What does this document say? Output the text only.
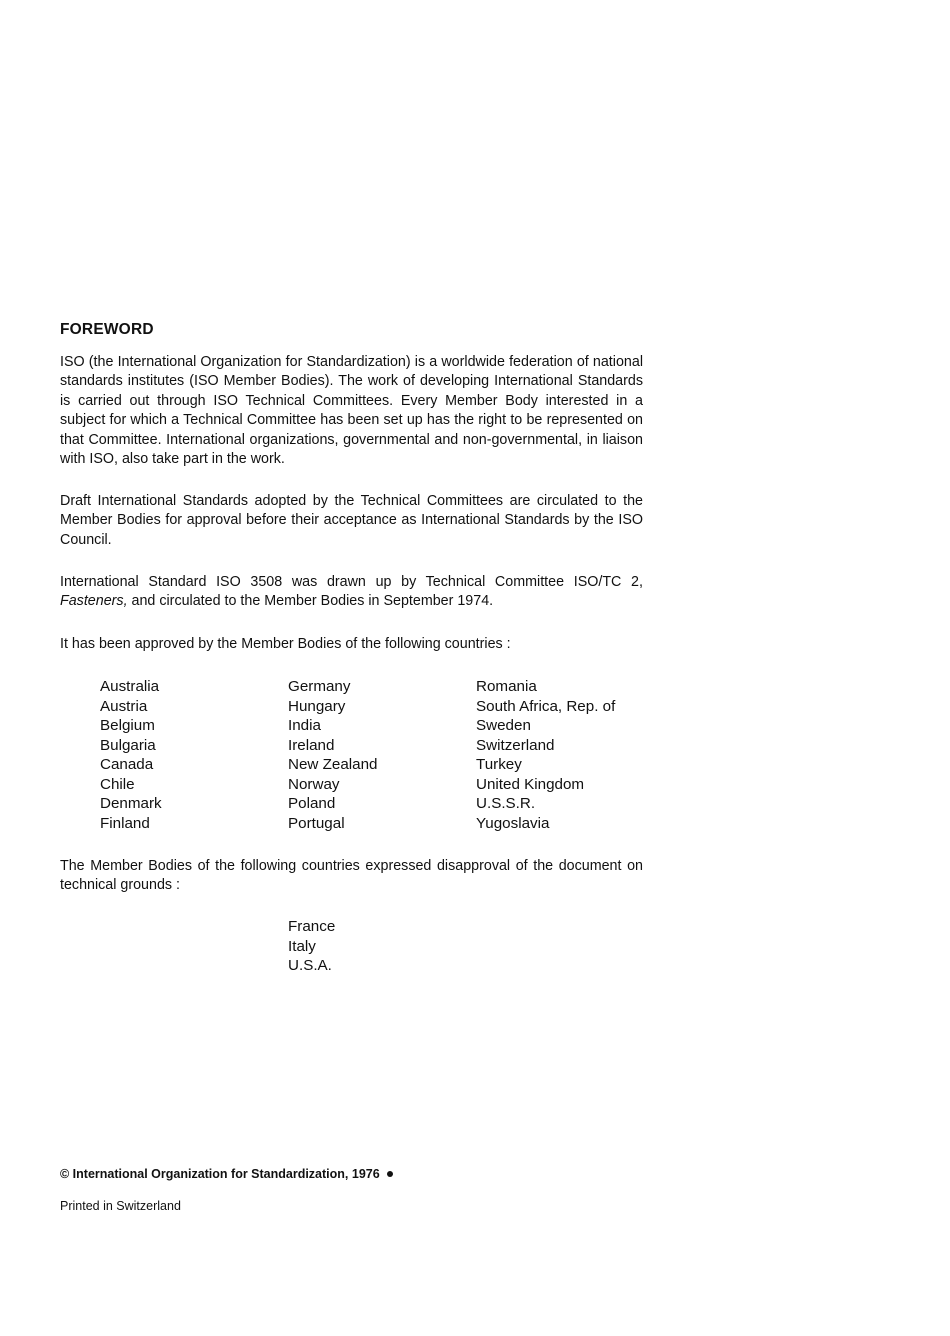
FOREWORD

ISO (the International Organization for Standardization) is a worldwide federation of national standards institutes (ISO Member Bodies). The work of developing International Standards is carried out through ISO Technical Committees. Every Member Body interested in a subject for which a Technical Committee has been set up has the right to be represented on that Committee. International organizations, governmental and non-governmental, in liaison with ISO, also take part in the work.

Draft International Standards adopted by the Technical Committees are circulated to the Member Bodies for approval before their acceptance as International Standards by the ISO Council.

International Standard ISO 3508 was drawn up by Technical Committee ISO/TC 2, Fasteners, and circulated to the Member Bodies in September 1974.

It has been approved by the Member Bodies of the following countries :

Australia
Austria
Belgium
Bulgaria
Canada
Chile
Denmark
Finland
Germany
Hungary
India
Ireland
New Zealand
Norway
Poland
Portugal
Romania
South Africa, Rep. of
Sweden
Switzerland
Turkey
United Kingdom
U.S.S.R.
Yugoslavia

The Member Bodies of the following countries expressed disapproval of the document on technical grounds :

France
Italy
U.S.A.
© International Organization for Standardization, 1976
Printed in Switzerland
